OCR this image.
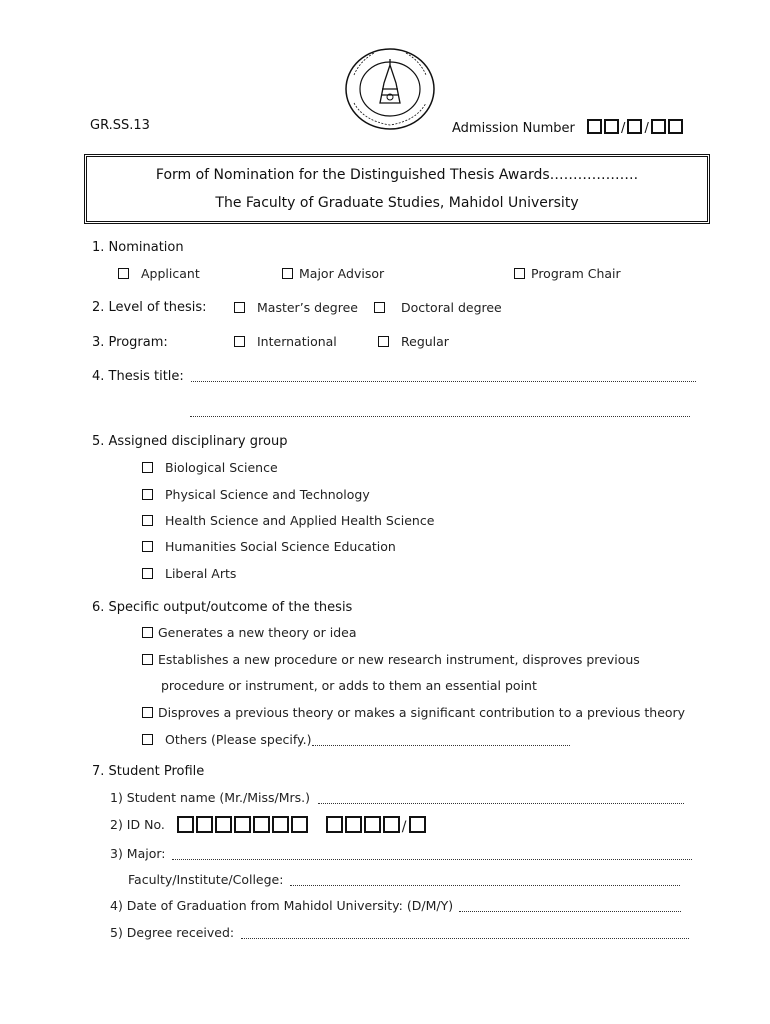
GR.SS.13	Admission Number	/ /
Form of Nomination for the Distinguished Thesis Awards……………….
The Faculty of Graduate Studies, Mahidol University
1. Nomination
Applicant	Major Advisor	Program Chair
2. Level of thesis:	Master’s degree	Doctoral degree
3. Program:	International	Regular
4. Thesis title:
5. Assigned disciplinary group
Biological Science
Physical Science and Technology
Health Science and Applied Health Science
Humanities Social Science Education
Liberal Arts
6. Specific output/outcome of the thesis
Generates a new theory or idea
Establishes a new procedure or new research instrument, disproves previous
procedure or instrument, or adds to them an essential point
Disproves a previous theory or makes a significant contribution to a previous theory
Others (Please specify.)
7. Student Profile
1) Student name (Mr./Miss/Mrs.)
2) ID No.	/
3) Major:
Faculty/Institute/College:
4) Date of Graduation from Mahidol University: (D/M/Y)
5) Degree received:
